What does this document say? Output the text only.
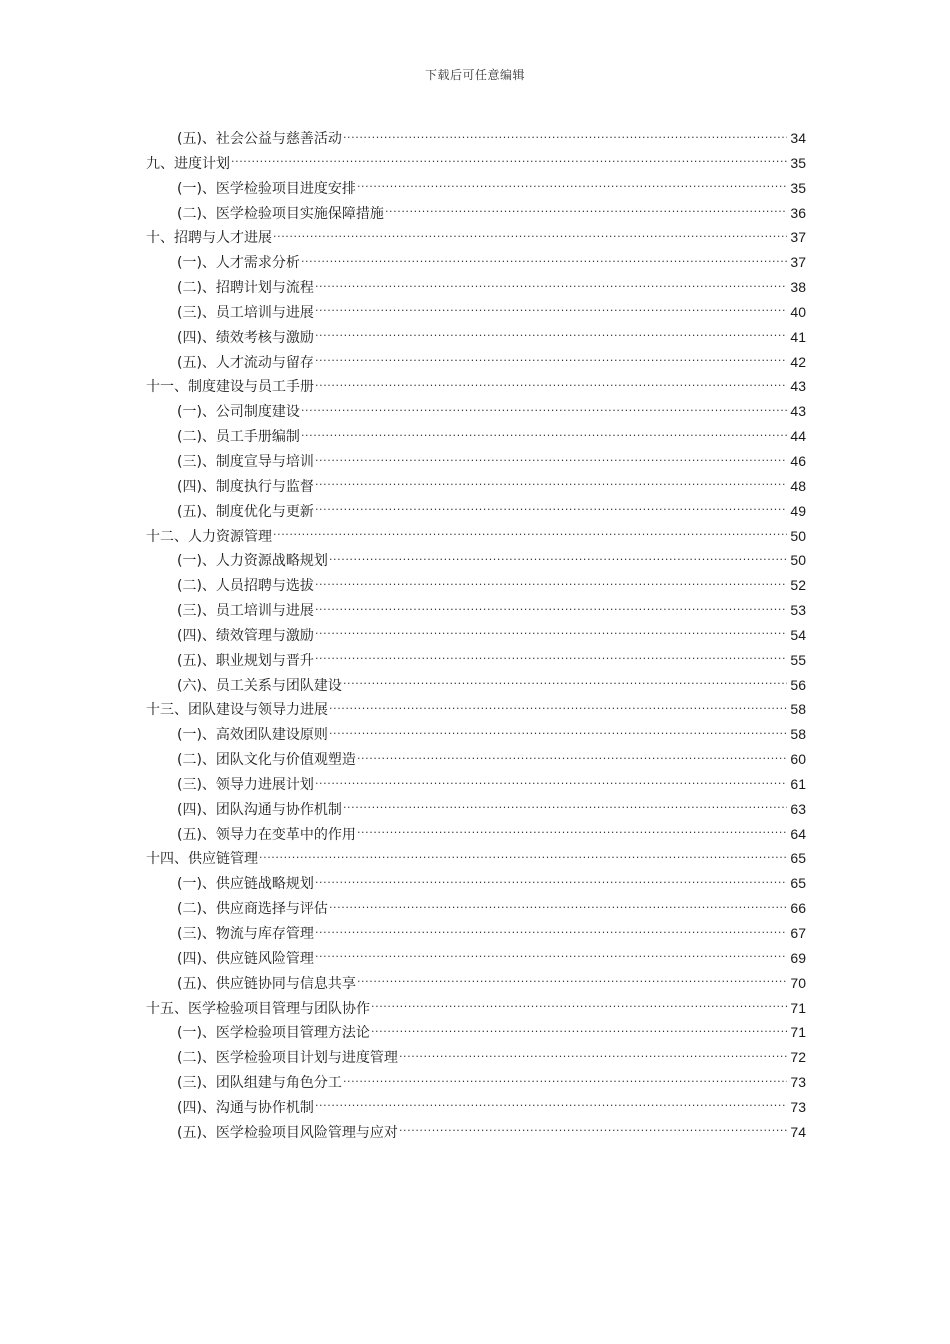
下载后可任意编辑
(五)、社会公益与慈善活动 .....	34
九、进度计划 .....	35
(一)、医学检验项目进度安排 .....	35
(二)、医学检验项目实施保障措施 .....	36
十、招聘与人才进展 .....	37
(一)、人才需求分析 .....	37
(二)、招聘计划与流程 .....	38
(三)、员工培训与进展 .....	40
(四)、绩效考核与激励 .....	41
(五)、人才流动与留存 .....	42
十一、制度建设与员工手册 .....	43
(一)、公司制度建设 .....	43
(二)、员工手册编制 .....	44
(三)、制度宣导与培训 .....	46
(四)、制度执行与监督 .....	48
(五)、制度优化与更新 .....	49
十二、人力资源管理 .....	50
(一)、人力资源战略规划 .....	50
(二)、人员招聘与选拔 .....	52
(三)、员工培训与进展 .....	53
(四)、绩效管理与激励 .....	54
(五)、职业规划与晋升 .....	55
(六)、员工关系与团队建设 .....	56
十三、团队建设与领导力进展 .....	58
(一)、高效团队建设原则 .....	58
(二)、团队文化与价值观塑造 .....	60
(三)、领导力进展计划 .....	61
(四)、团队沟通与协作机制 .....	63
(五)、领导力在变革中的作用 .....	64
十四、供应链管理 .....	65
(一)、供应链战略规划 .....	65
(二)、供应商选择与评估 .....	66
(三)、物流与库存管理 .....	67
(四)、供应链风险管理 .....	69
(五)、供应链协同与信息共享 .....	70
十五、医学检验项目管理与团队协作 .....	71
(一)、医学检验项目管理方法论 .....	71
(二)、医学检验项目计划与进度管理 .....	72
(三)、团队组建与角色分工 .....	73
(四)、沟通与协作机制 .....	73
(五)、医学检验项目风险管理与应对 .....	74
